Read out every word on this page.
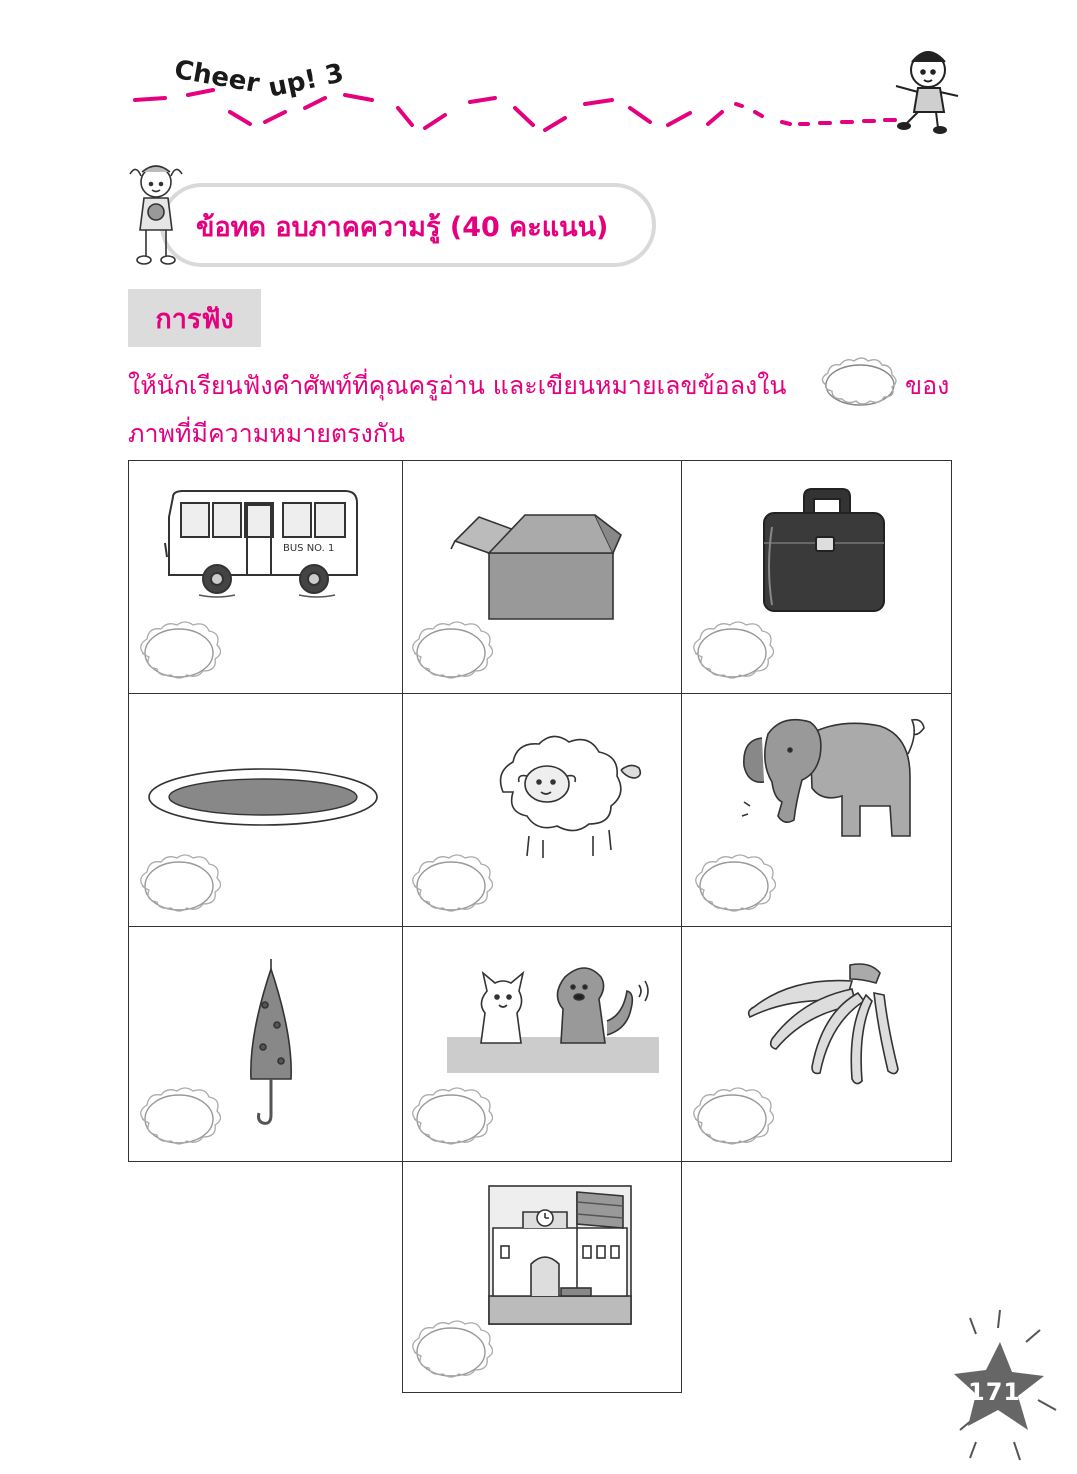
Cheer up! 3
ข้อทด อบภาคความรู้ (40 คะแนน)
การฟัง
ให้นักเรียนฟังคำศัพท์ที่คุณครูอ่าน และเขียนหมายเลขข้อลงใน	ของ
ภาพที่มีความหมายตรงกัน
BUS NO. 1
171
